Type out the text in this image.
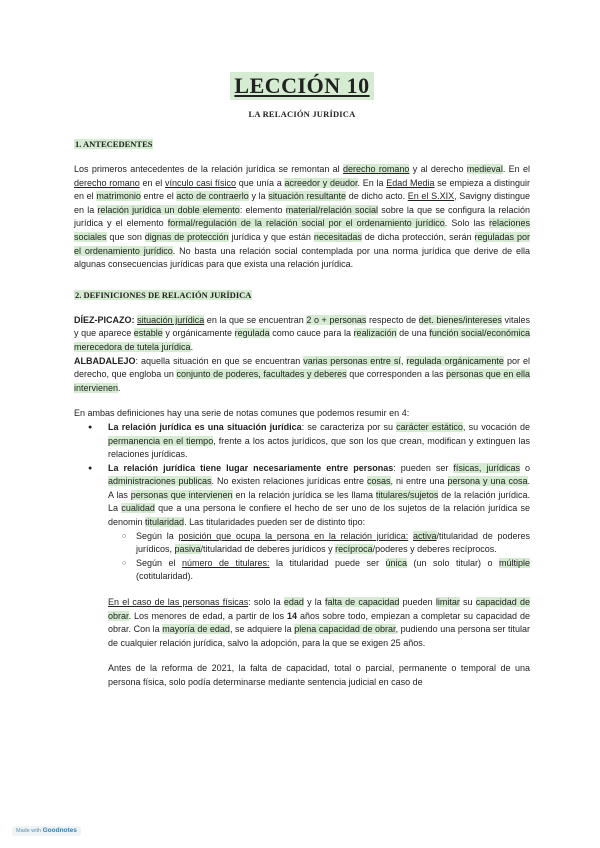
LECCIÓN 10
LA RELACIÓN JURÍDICA
1. ANTECEDENTES
Los primeros antecedentes de la relación jurídica se remontan al derecho romano y al derecho medieval. En el derecho romano en el vínculo casi físico que unía a acreedor y deudor. En la Edad Media se empieza a distinguir en el matrimonio entre el acto de contraerlo y la situación resultante de dicho acto. En el S.XIX, Savigny distingue en la relación jurídica un doble elemento: elemento material/relación social sobre la que se configura la relación jurídica y el elemento formal/regulación de la relación social por el ordenamiento jurídico. Solo las relaciones sociales que son dignas de protección jurídica y que están necesitadas de dicha protección, serán reguladas por el ordenamiento jurídico. No basta una relación social contemplada por una norma jurídica que derive de ella algunas consecuencias jurídicas para que exista una relación jurídica.
2. DEFINICIONES DE RELACIÓN JURÍDICA
DÍEZ-PICAZO: situación jurídica en la que se encuentran 2 o + personas respecto de det. bienes/intereses vitales y que aparece estable y orgánicamente regulada como cauce para la realización de una función social/económica merecedora de tutela jurídica.
ALBADALEJO: aquella situación en que se encuentran varias personas entre sí, regulada orgánicamente por el derecho, que engloba un conjunto de poderes, facultades y deberes que corresponden a las personas que en ella intervienen.
En ambas definiciones hay una serie de notas comunes que podemos resumir en 4:
● La relación jurídica es una situación jurídica: se caracteriza por su carácter estático, su vocación de permanencia en el tiempo, frente a los actos jurídicos, que son los que crean, modifican y extinguen las relaciones jurídicas.
● La relación jurídica tiene lugar necesariamente entre personas: pueden ser físicas, jurídicas o administraciones publicas. No existen relaciones jurídicas entre cosas, ni entre una persona y una cosa. A las personas que intervienen en la relación jurídica se les llama titulares/sujetos de la relación jurídica. La cualidad que a una persona le confiere el hecho de ser uno de los sujetos de la relación jurídica se denomin titularidad. Las titularidades pueden ser de distinto tipo:
○ Según la posición que ocupa la persona en la relación jurídica: activa/titularidad de poderes jurídicos, pasiva/titularidad de deberes jurídicos y recíproca/poderes y deberes recíprocos.
○ Según el número de titulares: la titularidad puede ser única (un solo titular) o múltiple (cotitularidad).
En el caso de las personas físicas: solo la edad y la falta de capacidad pueden limitar su capacidad de obrar. Los menores de edad, a partir de los 14 años sobre todo, empiezan a completar su capacidad de obrar. Con la mayoría de edad, se adquiere la plena capacidad de obrar, pudiendo una persona ser titular de cualquier relación jurídica, salvo la adopción, para la que se exigen 25 años.
Antes de la reforma de 2021, la falta de capacidad, total o parcial, permanente o temporal de una persona física, solo podía determinarse mediante sentencia judicial en caso de
Made with Goodnotes
